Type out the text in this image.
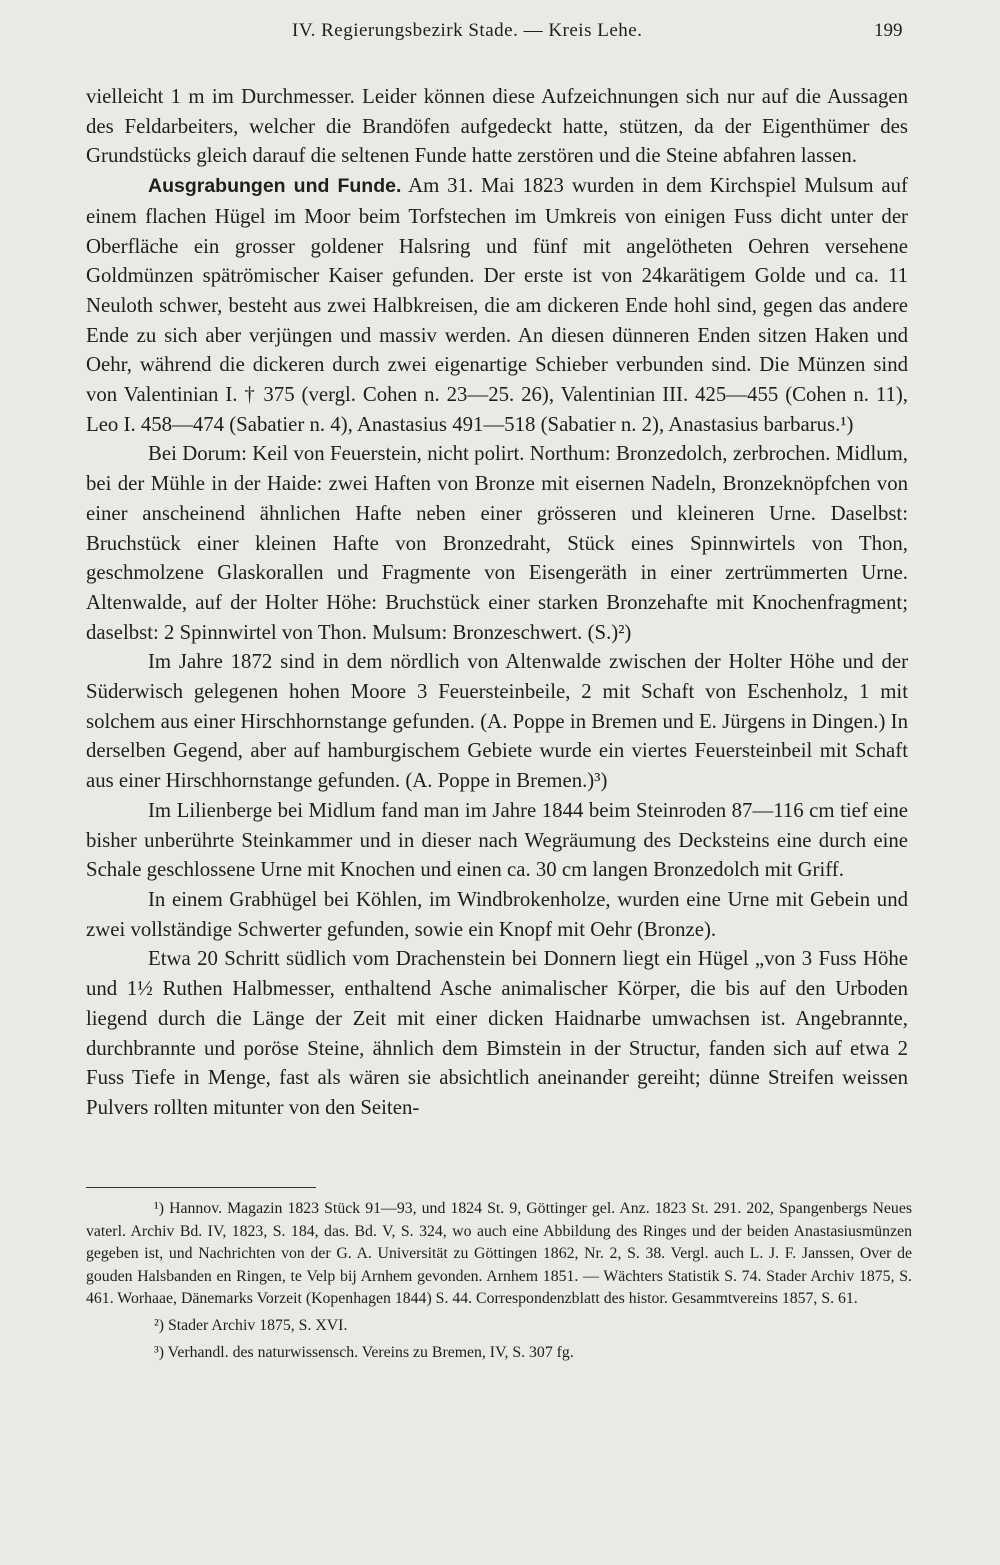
IV. Regierungsbezirk Stade. — Kreis Lehe.	199

vielleicht 1 m im Durchmesser. Leider können diese Aufzeichnungen sich nur auf die Aussagen des Feldarbeiters, welcher die Brandöfen aufgedeckt hatte, stützen, da der Eigenthümer des Grundstücks gleich darauf die seltenen Funde hatte zerstören und die Steine abfahren lassen.

Ausgrabungen und Funde. Am 31. Mai 1823 wurden in dem Kirchspiel Mulsum auf einem flachen Hügel im Moor beim Torfstechen im Umkreis von einigen Fuss dicht unter der Oberfläche ein grosser goldener Halsring und fünf mit angelötheten Oehren versehene Goldmünzen spätrömischer Kaiser gefunden. Der erste ist von 24karätigem Golde und ca. 11 Neuloth schwer, besteht aus zwei Halbkreisen, die am dickeren Ende hohl sind, gegen das andere Ende zu sich aber verjüngen und massiv werden. An diesen dünneren Enden sitzen Haken und Oehr, während die dickeren durch zwei eigenartige Schieber verbunden sind. Die Münzen sind von Valentinian I. † 375 (vergl. Cohen n. 23—25. 26), Valentinian III. 425—455 (Cohen n. 11), Leo I. 458—474 (Sabatier n. 4), Anastasius 491—518 (Sabatier n. 2), Anastasius barbarus.¹)

Bei Dorum: Keil von Feuerstein, nicht polirt. Northum: Bronzedolch, zerbrochen. Midlum, bei der Mühle in der Haide: zwei Haften von Bronze mit eisernen Nadeln, Bronzeknöpfchen von einer anscheinend ähnlichen Hafte neben einer grösseren und kleineren Urne. Daselbst: Bruchstück einer kleinen Hafte von Bronzedraht, Stück eines Spinnwirtels von Thon, geschmolzene Glaskorallen und Fragmente von Eisengeräth in einer zertrümmerten Urne. Altenwalde, auf der Holter Höhe: Bruchstück einer starken Bronzehafte mit Knochenfragment; daselbst: 2 Spinnwirtel von Thon. Mulsum: Bronzeschwert. (S.)²)

Im Jahre 1872 sind in dem nördlich von Altenwalde zwischen der Holter Höhe und der Süderwisch gelegenen hohen Moore 3 Feuersteinbeile, 2 mit Schaft von Eschenholz, 1 mit solchem aus einer Hirschhornstange gefunden. (A. Poppe in Bremen und E. Jürgens in Dingen.) In derselben Gegend, aber auf hamburgischem Gebiete wurde ein viertes Feuersteinbeil mit Schaft aus einer Hirschhornstange gefunden. (A. Poppe in Bremen.)³)

Im Lilienberge bei Midlum fand man im Jahre 1844 beim Steinroden 87—116 cm tief eine bisher unberührte Steinkammer und in dieser nach Wegräumung des Decksteins eine durch eine Schale geschlossene Urne mit Knochen und einen ca. 30 cm langen Bronzedolch mit Griff.

In einem Grabhügel bei Köhlen, im Windbrokenholze, wurden eine Urne mit Gebein und zwei vollständige Schwerter gefunden, sowie ein Knopf mit Oehr (Bronze).

Etwa 20 Schritt südlich vom Drachenstein bei Donnern liegt ein Hügel „von 3 Fuss Höhe und 1½ Ruthen Halbmesser, enthaltend Asche animalischer Körper, die bis auf den Urboden liegend durch die Länge der Zeit mit einer dicken Haidnarbe umwachsen ist. Angebrannte, durchbrannte und poröse Steine, ähnlich dem Bimstein in der Structur, fanden sich auf etwa 2 Fuss Tiefe in Menge, fast als wären sie absichtlich aneinander gereiht; dünne Streifen weissen Pulvers rollten mitunter von den Seiten-

¹) Hannov. Magazin 1823 Stück 91—93, und 1824 St. 9, Göttinger gel. Anz. 1823 St. 291. 202, Spangenbergs Neues vaterl. Archiv Bd. IV, 1823, S. 184, das. Bd. V, S. 324, wo auch eine Abbildung des Ringes und der beiden Anastasiusmünzen gegeben ist, und Nachrichten von der G. A. Universität zu Göttingen 1862, Nr. 2, S. 38. Vergl. auch L. J. F. Janssen, Over de gouden Halsbanden en Ringen, te Velp bij Arnhem gevonden. Arnhem 1851. — Wächters Statistik S. 74. Stader Archiv 1875, S. 461. Worhaae, Dänemarks Vorzeit (Kopenhagen 1844) S. 44. Correspondenzblatt des histor. Gesammtvereins 1857, S. 61.

²) Stader Archiv 1875, S. XVI.

³) Verhandl. des naturwissensch. Vereins zu Bremen, IV, S. 307 fg.
